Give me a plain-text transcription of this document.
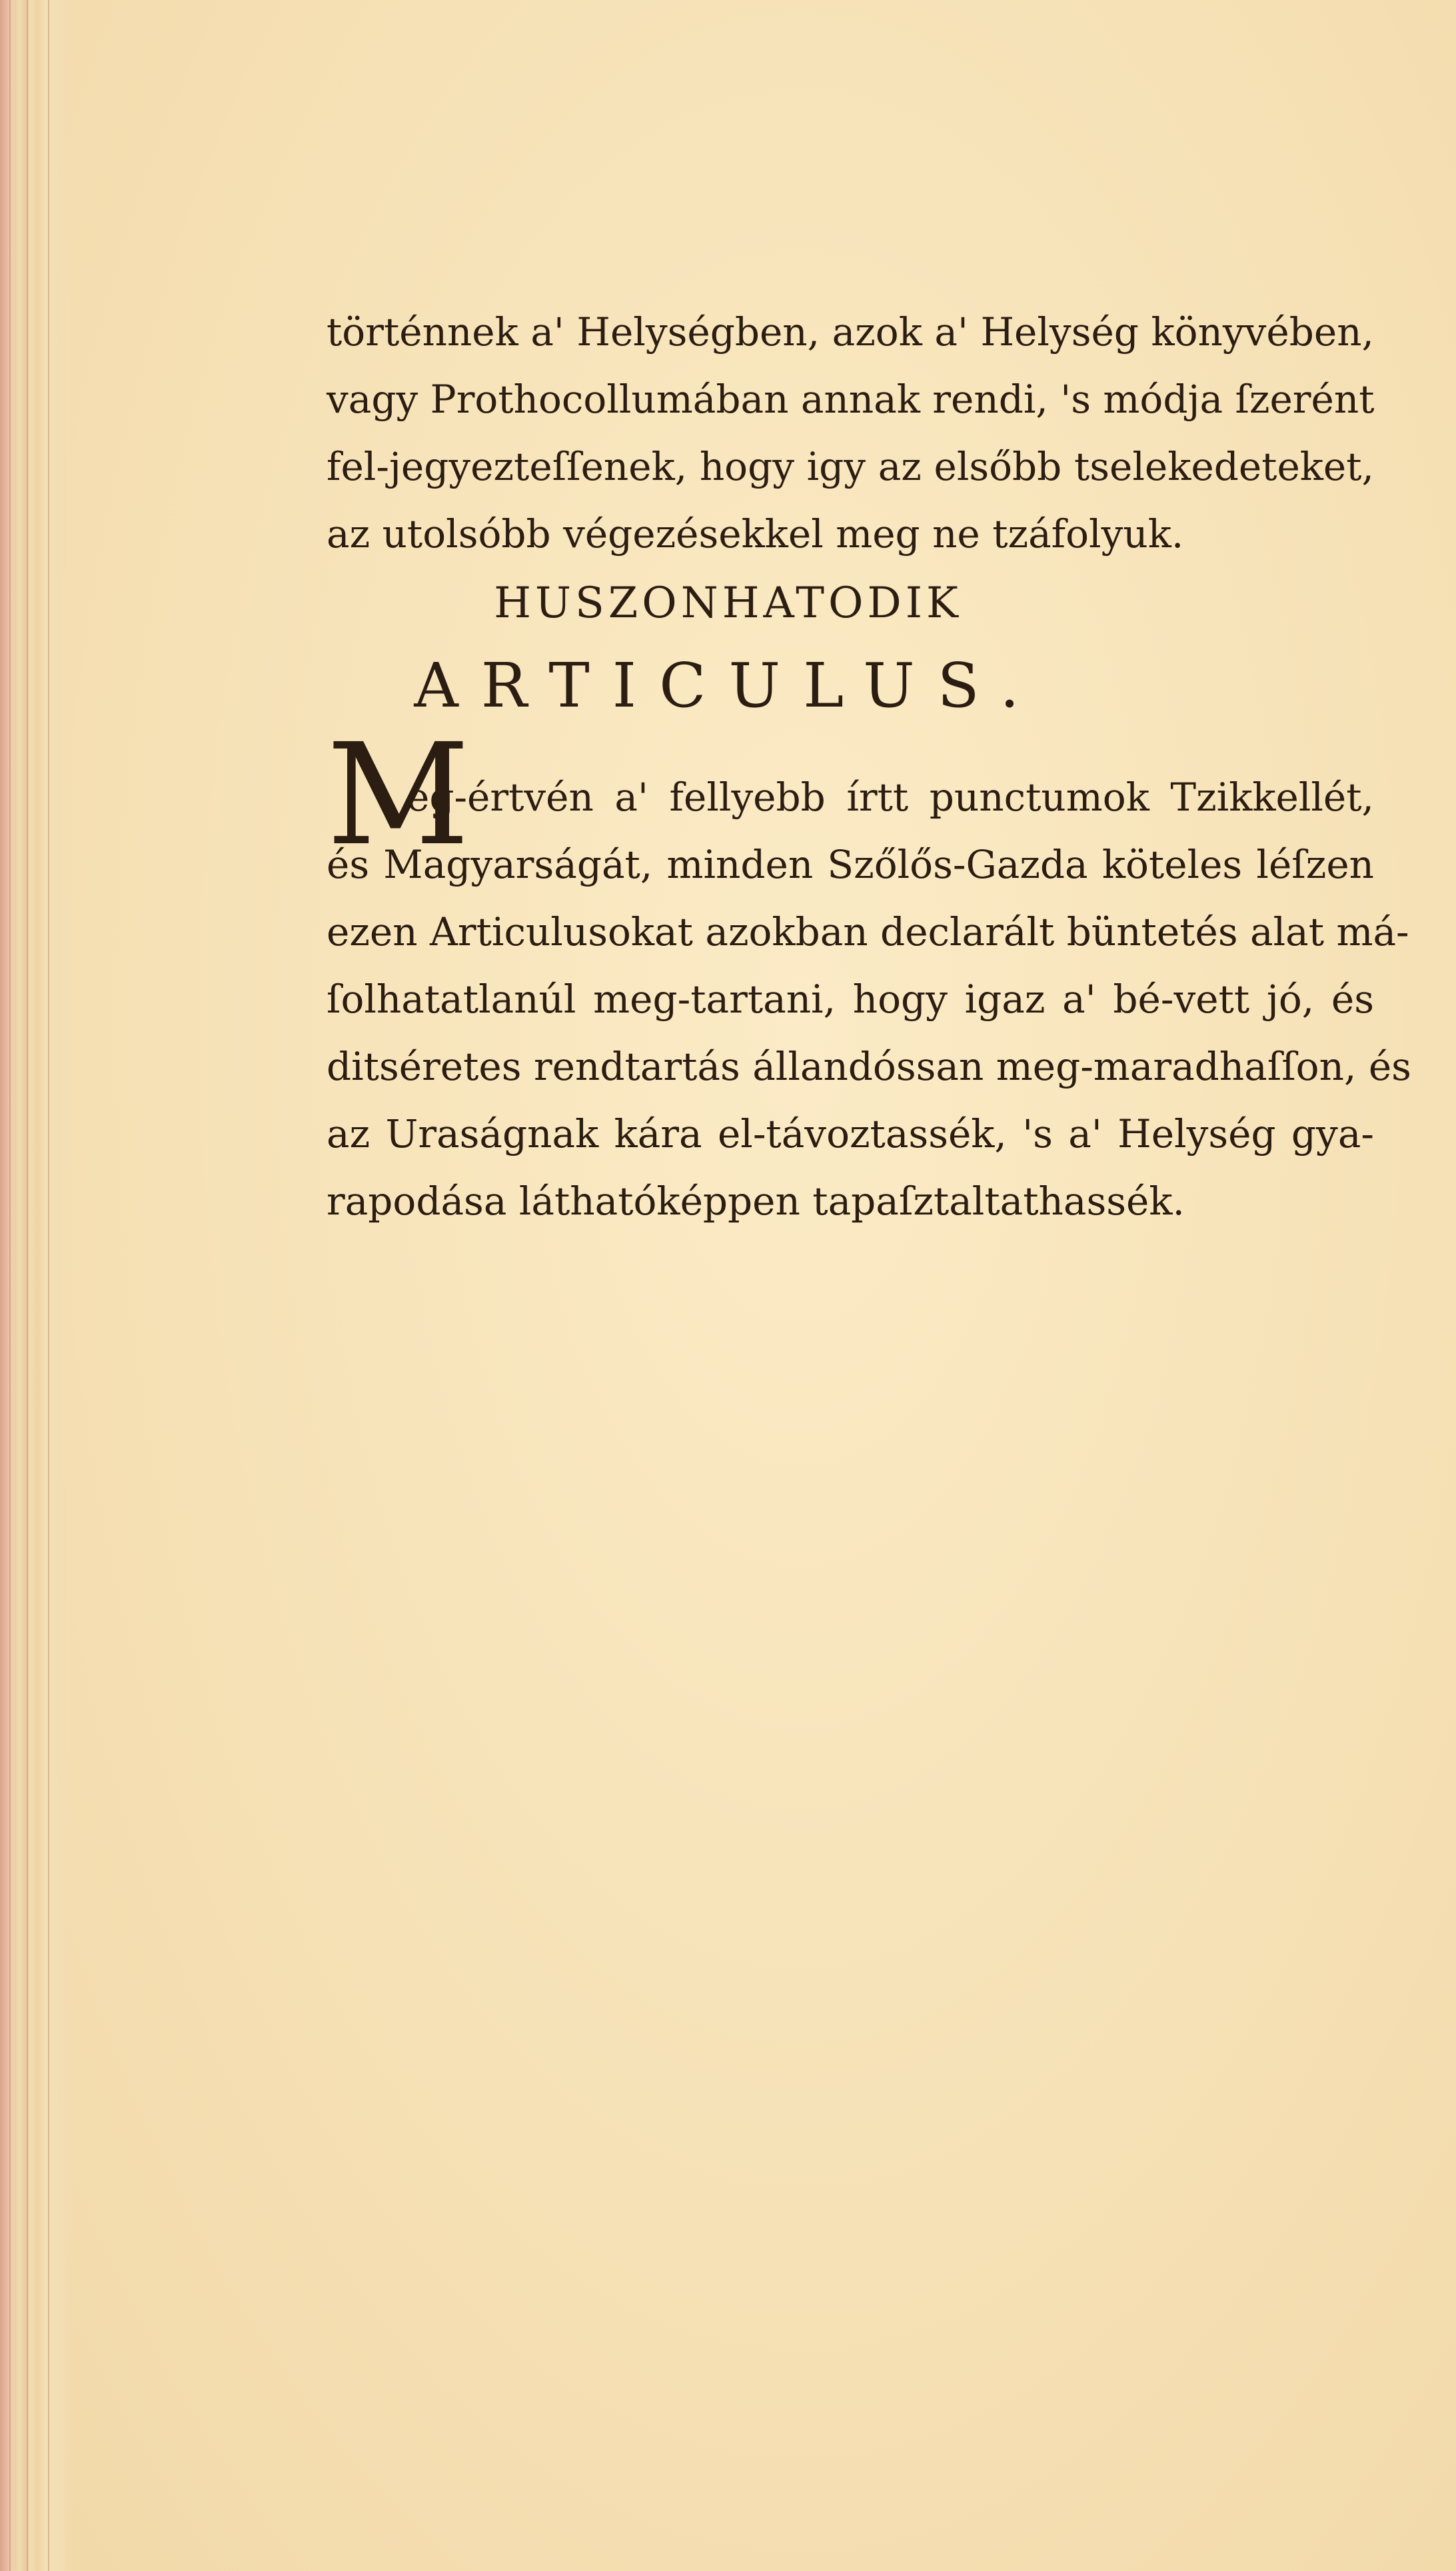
történnek a' Helységben, azok a' Helység könyvében,
vagy Prothocollumában annak rendi, 's módja ſzerént
fel-jegyezteſſenek, hogy igy az elsőbb tselekedeteket,
az utolsóbb végezésekkel meg ne tzáfolyuk.

HUSZONHATODIK
ARTICULUS.
M

eg-értvén a' fellyebb írtt punctumok Tzikkellét,
és Magyarságát, minden Szőlős-Gazda köteles léſzen
ezen Articulusokat azokban declarált büntetés alat má-
ſolhatatlanúl meg-tartani, hogy igaz a' bé-vett jó, és
ditséretes rendtartás állandóssan meg-maradhaſſon, és
az Uraságnak kára el-távoztassék, 's a' Helység gya-
rapodása láthatóképpen tapaſztaltathassék.
